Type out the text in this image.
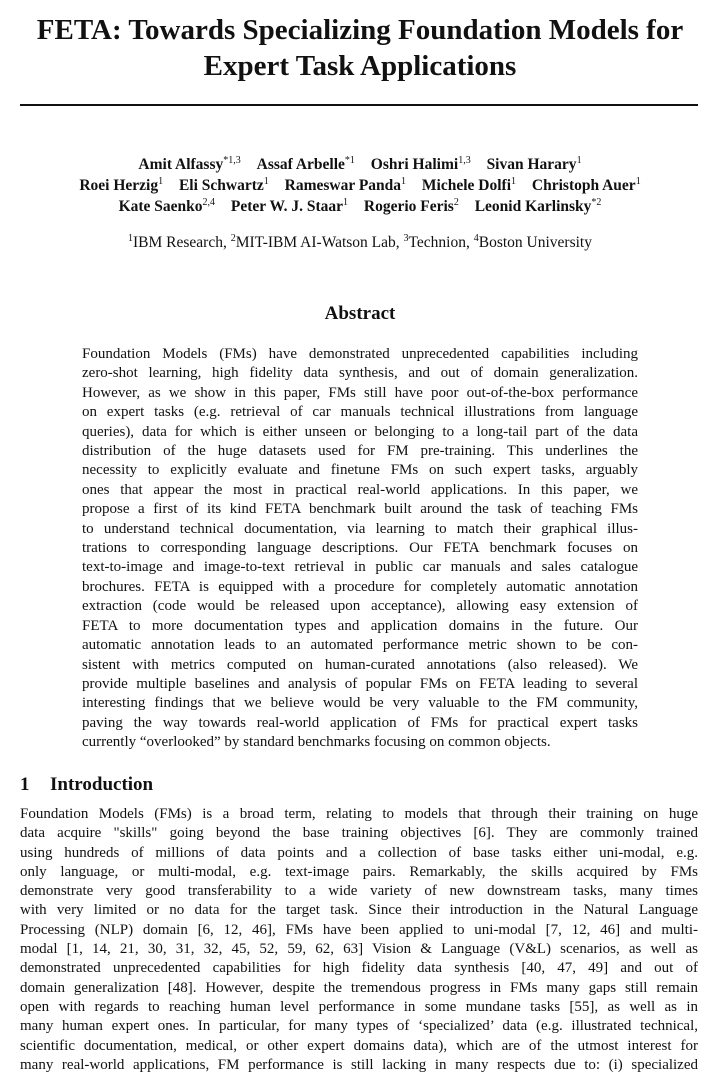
FETA: Towards Specializing Foundation Models for
Expert Task Applications
Amit Alfassy$^{*1,3}$ Assaf Arbelle$^{*1}$ Oshri Halimi$^{1,3}$ Sivan Harary$^1$
Roei Herzig$^1$ Eli Schwartz$^1$ Rameswar Panda$^1$ Michele Dolfi$^1$ Christoph Auer$^1$
Kate Saenko$^{2,4}$ Peter W. J. Staar$^1$ Rogerio Feris$^2$ Leonid Karlinsky$^{*2}$
$^1$IBM Research, $^2$MIT-IBM AI-Watson Lab, $^3$Technion, $^4$Boston University
Abstract
Foundation Models (FMs) have demonstrated unprecedented capabilities including
zero-shot learning, high fidelity data synthesis, and out of domain generalization.
However, as we show in this paper, FMs still have poor out-of-the-box performance
on expert tasks (e.g. retrieval of car manuals technical illustrations from language
queries), data for which is either unseen or belonging to a long-tail part of the data
distribution of the huge datasets used for FM pre-training. This underlines the
necessity to explicitly evaluate and finetune FMs on such expert tasks, arguably
ones that appear the most in practical real-world applications. In this paper, we
propose a first of its kind FETA benchmark built around the task of teaching FMs
to understand technical documentation, via learning to match their graphical illus-
trations to corresponding language descriptions. Our FETA benchmark focuses on
text-to-image and image-to-text retrieval in public car manuals and sales catalogue
brochures. FETA is equipped with a procedure for completely automatic annotation
extraction (code would be released upon acceptance), allowing easy extension of
FETA to more documentation types and application domains in the future. Our
automatic annotation leads to an automated performance metric shown to be con-
sistent with metrics computed on human-curated annotations (also released). We
provide multiple baselines and analysis of popular FMs on FETA leading to several
interesting findings that we believe would be very valuable to the FM community,
paving the way towards real-world application of FMs for practical expert tasks
currently “overlooked” by standard benchmarks focusing on common objects.
1 Introduction
Foundation Models (FMs) is a broad term, relating to models that through their training on huge
data acquire "skills" going beyond the base training objectives [6]. They are commonly trained
using hundreds of millions of data points and a collection of base tasks either uni-modal, e.g.
only language, or multi-modal, e.g. text-image pairs. Remarkably, the skills acquired by FMs
demonstrate very good transferability to a wide variety of new downstream tasks, many times
with very limited or no data for the target task. Since their introduction in the Natural Language
Processing (NLP) domain [6, 12, 46], FMs have been applied to uni-modal [7, 12, 46] and multi-
modal [1, 14, 21, 30, 31, 32, 45, 52, 59, 62, 63] Vision & Language (V&L) scenarios, as well as
demonstrated unprecedented capabilities for high fidelity data synthesis [40, 47, 49] and out of
domain generalization [48]. However, despite the tremendous progress in FMs many gaps still remain
open with regards to reaching human level performance in some mundane tasks [55], as well as in
many human expert ones. In particular, for many types of ‘specialized’ data (e.g. illustrated technical,
scientific documentation, medical, or other expert domains data), which are of the utmost interest for
many real-world applications, FM performance is still lacking in many respects due to: (i) specialized
